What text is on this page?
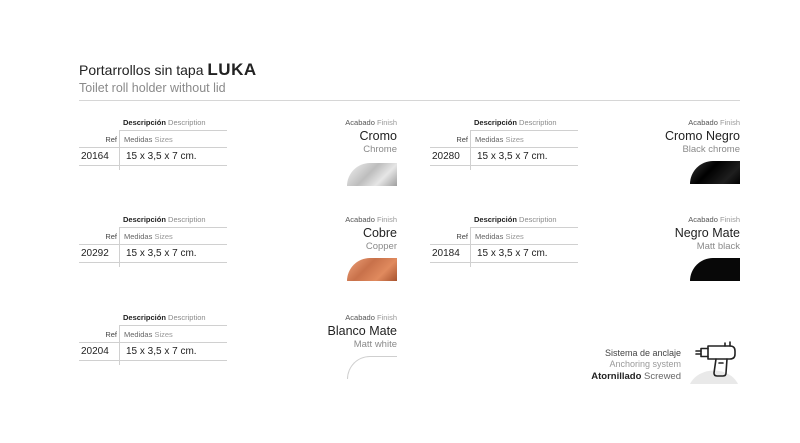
Portarrollos sin tapa LUKA
Toilet roll holder without lid
Descripción Description
Ref Medidas Sizes
20164 15 x 3,5 x 7 cm.
Acabado Finish
Cromo
Chrome
Descripción Description
Ref Medidas Sizes
20280 15 x 3,5 x 7 cm.
Acabado Finish
Cromo Negro
Black chrome
Descripción Description
Ref Medidas Sizes
20292 15 x 3,5 x 7 cm.
Acabado Finish
Cobre
Copper
Descripción Description
Ref Medidas Sizes
20184 15 x 3,5 x 7 cm.
Acabado Finish
Negro Mate
Matt black
Descripción Description
Ref Medidas Sizes
20204 15 x 3,5 x 7 cm.
Acabado Finish
Blanco Mate
Matt white
Sistema de anclaje
Anchoring system
Atornillado Screwed
